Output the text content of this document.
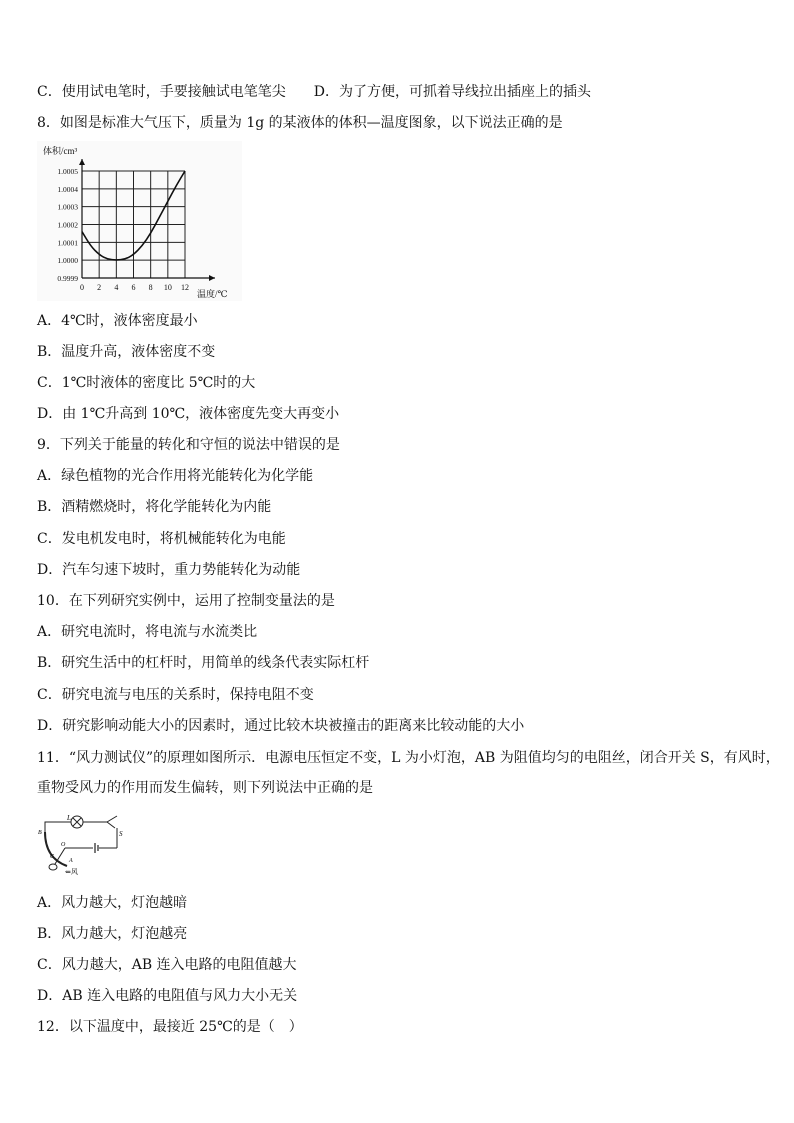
C．使用试电笔时，手要接触试电笔笔尖 D．为了方便，可抓着导线拉出插座上的插头
8．如图是标准大气压下，质量为 1g 的某液体的体积—温度图象，以下说法正确的是
体积/cm³
0.9999
1.0000
1.0001
1.0002
1.0003
1.0004
1.0005
0 2 4 6 8 10 12
温度/℃
A．4℃时，液体密度最小
B．温度升高，液体密度不变
C．1℃时液体的密度比 5℃时的大
D．由 1℃升高到 10℃，液体密度先变大再变小
9．下列关于能量的转化和守恒的说法中错误的是
A．绿色植物的光合作用将光能转化为化学能
B．酒精燃烧时，将化学能转化为内能
C．发电机发电时，将机械能转化为电能
D．汽车匀速下坡时，重力势能转化为动能
10．在下列研究实例中，运用了控制变量法的是
A．研究电流时，将电流与水流类比
B．研究生活中的杠杆时，用简单的线条代表实际杠杆
C．研究电流与电压的关系时，保持电阻不变
D．研究影响动能大小的因素时，通过比较木块被撞击的距离来比较动能的大小
11．“风力测试仪”的原理如图所示．电源电压恒定不变，L 为小灯泡，AB 为阻值均匀的电阻丝，闭合开关 S，有风时，
重物受风力的作用而发生偏转，则下列说法中正确的是
L
S
B
O
C
A
⇐风
A．风力越大，灯泡越暗
B．风力越大，灯泡越亮
C．风力越大，AB 连入电路的电阻值越大
D．AB 连入电路的电阻值与风力大小无关
12．以下温度中，最接近 25℃的是（　）
